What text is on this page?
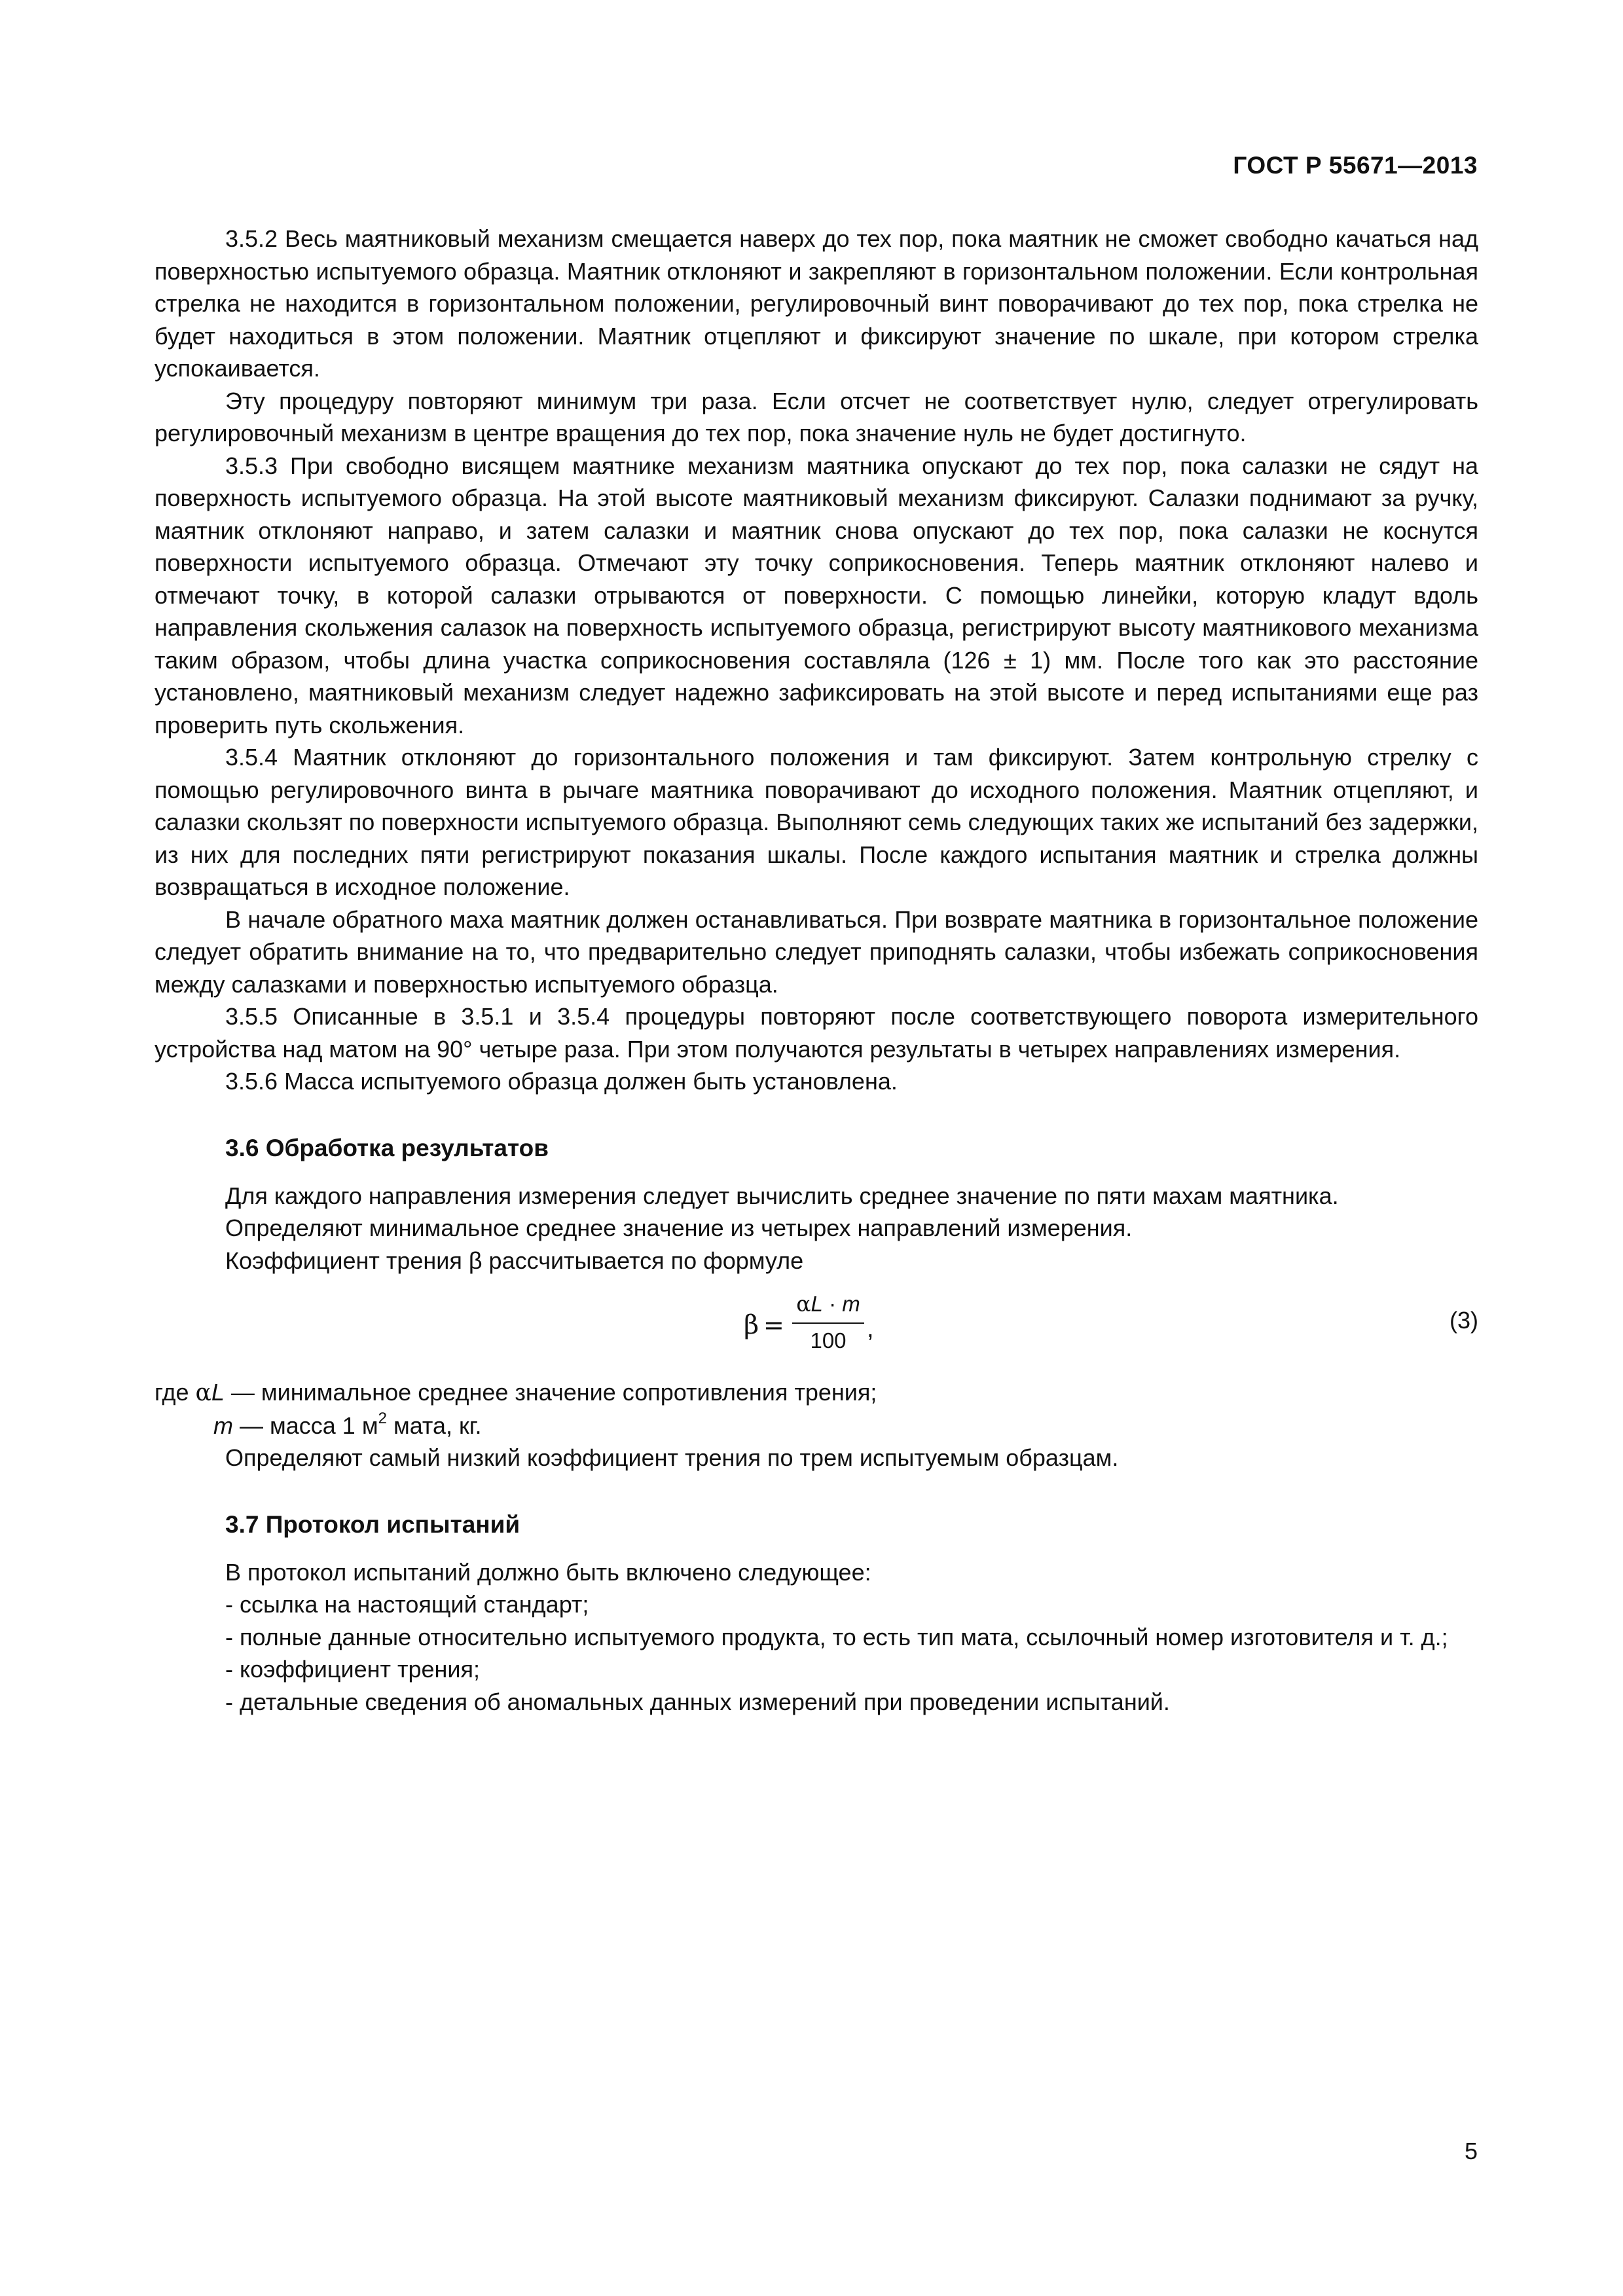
ГОСТ Р 55671—2013

3.5.2 Весь маятниковый механизм смещается наверх до тех пор, пока маятник не сможет свободно качаться над поверхностью испытуемого образца. Маятник отклоняют и закрепляют в горизонтальном положении. Если контрольная стрелка не находится в горизонтальном положении, регулировочный винт поворачивают до тех пор, пока стрелка не будет находиться в этом положении. Маятник отцепляют и фиксируют значение по шкале, при котором стрелка успокаивается.

Эту процедуру повторяют минимум три раза. Если отсчет не соответствует нулю, следует отрегулировать регулировочный механизм в центре вращения до тех пор, пока значение нуль не будет достигнуто.

3.5.3 При свободно висящем маятнике механизм маятника опускают до тех пор, пока салазки не сядут на поверхность испытуемого образца. На этой высоте маятниковый механизм фиксируют. Салазки поднимают за ручку, маятник отклоняют направо, и затем салазки и маятник снова опускают до тех пор, пока салазки не коснутся поверхности испытуемого образца. Отмечают эту точку соприкосновения. Теперь маятник отклоняют налево и отмечают точку, в которой салазки отрываются от поверхности. С помощью линейки, которую кладут вдоль направления скольжения салазок на поверхность испытуемого образца, регистрируют высоту маятникового механизма таким образом, чтобы длина участка соприкосновения составляла (126 ± 1) мм. После того как это расстояние установлено, маятниковый механизм следует надежно зафиксировать на этой высоте и перед испытаниями еще раз проверить путь скольжения.

3.5.4 Маятник отклоняют до горизонтального положения и там фиксируют. Затем контрольную стрелку с помощью регулировочного винта в рычаге маятника поворачивают до исходного положения. Маятник отцепляют, и салазки скользят по поверхности испытуемого образца. Выполняют семь следующих таких же испытаний без задержки, из них для последних пяти регистрируют показания шкалы. После каждого испытания маятник и стрелка должны возвращаться в исходное положение.

В начале обратного маха маятник должен останавливаться. При возврате маятника в горизонтальное положение следует обратить внимание на то, что предварительно следует приподнять салазки, чтобы избежать соприкосновения между салазками и поверхностью испытуемого образца.

3.5.5 Описанные в 3.5.1 и 3.5.4 процедуры повторяют после соответствующего поворота измерительного устройства над матом на 90° четыре раза. При этом получаются результаты в четырех направлениях измерения.

3.5.6 Масса испытуемого образца должен быть установлена.

3.6 Обработка результатов

Для каждого направления измерения следует вычислить среднее значение по пяти махам маятника.

Определяют минимальное среднее значение из четырех направлений измерения.

Коэффициент трения β рассчитывается по формуле

β =
αL · m
100 ,	(3)

где αL — минимальное среднее значение сопротивления трения;

m — масса 1 $м^2$ мата, кг.

Определяют самый низкий коэффициент трения по трем испытуемым образцам.

3.7 Протокол испытаний

В протокол испытаний должно быть включено следующее:

- ссылка на настоящий стандарт;

- полные данные относительно испытуемого продукта, то есть тип мата, ссылочный номер изготовителя и т. д.;

- коэффициент трения;

- детальные сведения об аномальных данных измерений при проведении испытаний.

5
